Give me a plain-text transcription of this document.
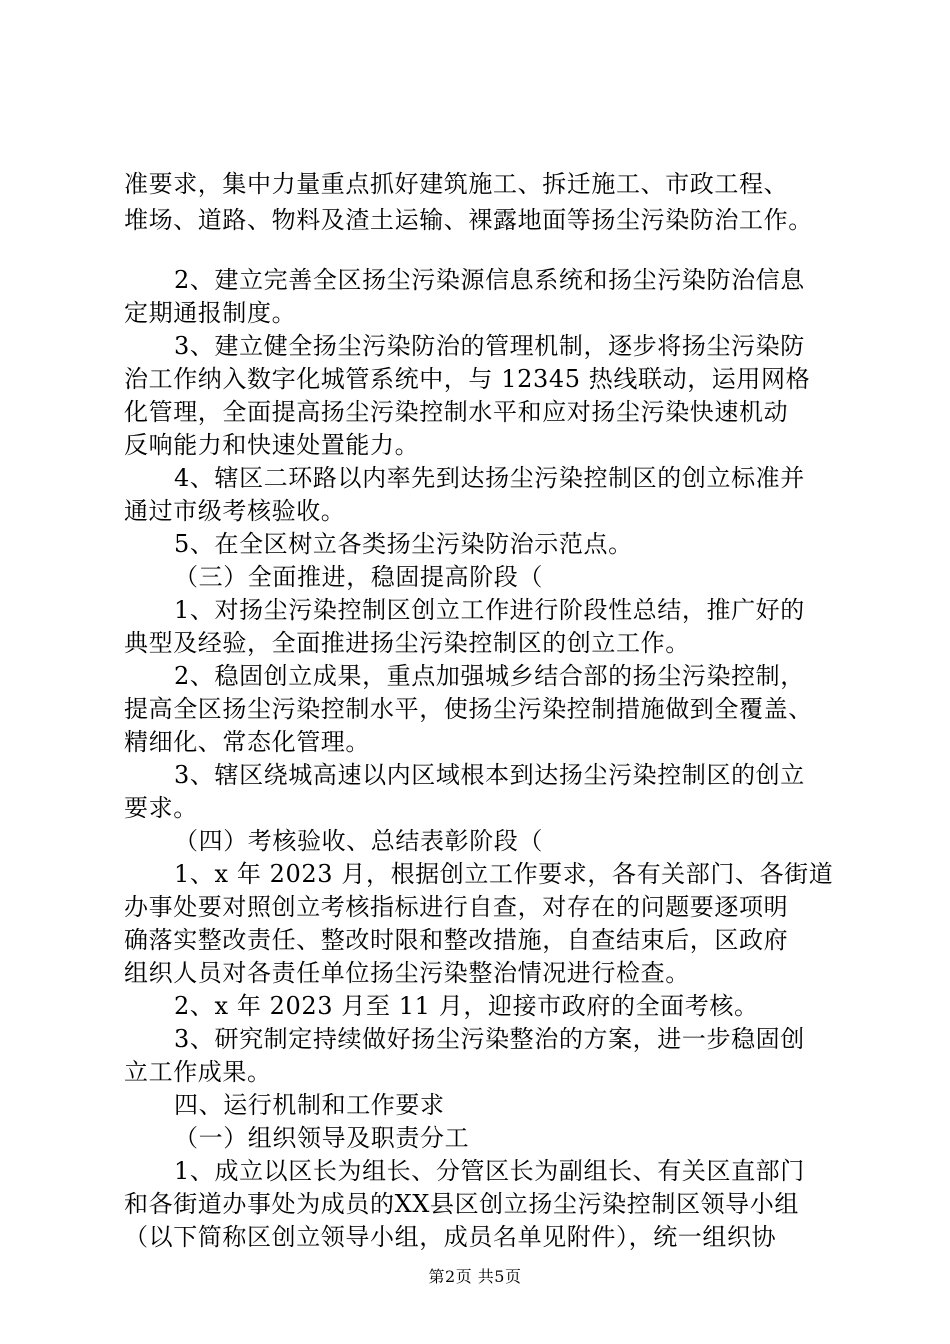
准要求，集中力量重点抓好建筑施工、拆迁施工、市政工程、
堆场、道路、物料及渣土运输、裸露地面等扬尘污染防治工作。
2、建立完善全区扬尘污染源信息系统和扬尘污染防治信息
定期通报制度。
3、建立健全扬尘污染防治的管理机制，逐步将扬尘污染防
治工作纳入数字化城管系统中，与 12345 热线联动，运用网格
化管理，全面提高扬尘污染控制水平和应对扬尘污染快速机动
反响能力和快速处置能力。
4、辖区二环路以内率先到达扬尘污染控制区的创立标准并
通过市级考核验收。
5、在全区树立各类扬尘污染防治示范点。
（三）全面推进，稳固提高阶段（
1、对扬尘污染控制区创立工作进行阶段性总结，推广好的
典型及经验，全面推进扬尘污染控制区的创立工作。
2、稳固创立成果，重点加强城乡结合部的扬尘污染控制，
提高全区扬尘污染控制水平，使扬尘污染控制措施做到全覆盖、
精细化、常态化管理。
3、辖区绕城高速以内区域根本到达扬尘污染控制区的创立
要求。
（四）考核验收、总结表彰阶段（
1、x 年 2023 月，根据创立工作要求，各有关部门、各街道
办事处要对照创立考核指标进行自查，对存在的问题要逐项明
确落实整改责任、整改时限和整改措施，自查结束后，区政府
组织人员对各责任单位扬尘污染整治情况进行检查。
2、x 年 2023 月至 11 月，迎接市政府的全面考核。
3、研究制定持续做好扬尘污染整治的方案，进一步稳固创
立工作成果。
四、运行机制和工作要求
（一）组织领导及职责分工
1、成立以区长为组长、分管区长为副组长、有关区直部门
和各街道办事处为成员的XX县区创立扬尘污染控制区领导小组
（以下简称区创立领导小组，成员名单见附件），统一组织协
第2页 共5页
